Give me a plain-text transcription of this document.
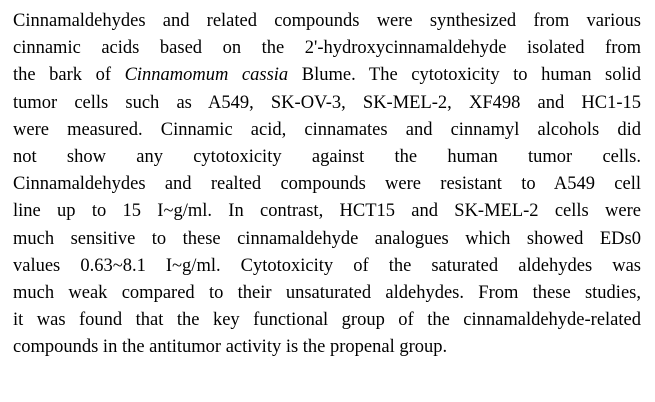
Cinnamaldehydes and related compounds were synthesized from various
cinnamic acids based on the 2'-hydroxycinnamaldehyde isolated from
the bark of Cinnamomum cassia Blume. The cytotoxicity to human solid
tumor cells such as A549, SK-OV-3, SK-MEL-2, XF498 and HC1-15
were measured. Cinnamic acid, cinnamates and cinnamyl alcohols did
not show any cytotoxicity against the human tumor cells.
Cinnamaldehydes and realted compounds were resistant to A549 cell
line up to 15 I~g/ml. In contrast, HCT15 and SK-MEL-2 cells were
much sensitive to these cinnamaldehyde analogues which showed EDs0
values 0.63~8.1 I~g/ml. Cytotoxicity of the saturated aldehydes was
much weak compared to their unsaturated aldehydes. From these studies,
it was found that the key functional group of the cinnamaldehyde-related
compounds in the antitumor activity is the propenal group.
